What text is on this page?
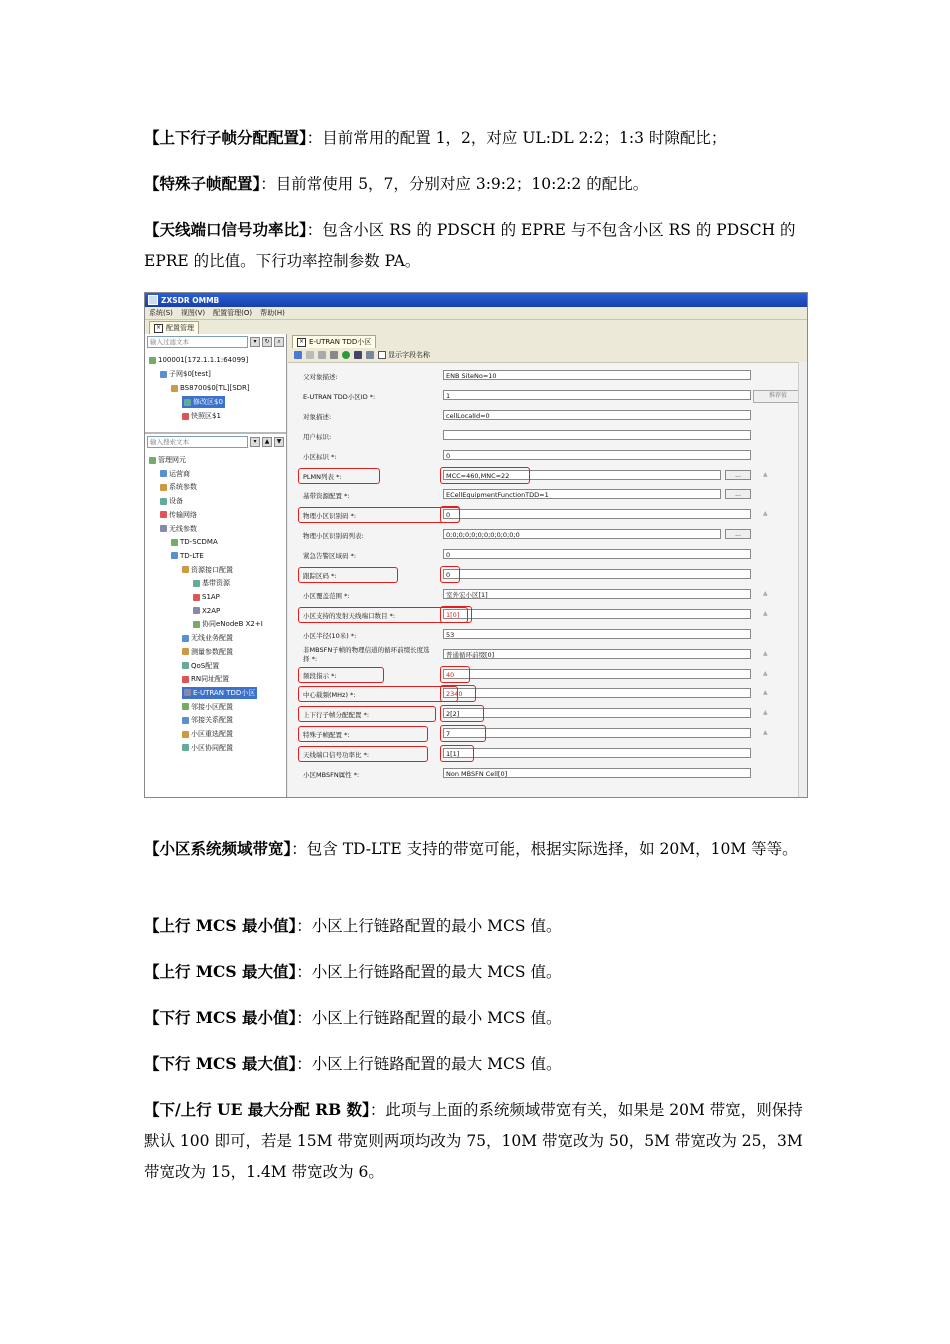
【上下行子帧分配配置】：目前常用的配置 1，2，对应 UL:DL 2:2；1:3 时隙配比；
【特殊子帧配置】：目前常使用 5，7，分别对应 3:9:2；10:2:2 的配比。
【天线端口信号功率比】：包含小区 RS 的 PDSCH 的 EPRE 与不包含小区 RS 的 PDSCH 的 EPRE 的比值。下行功率控制参数 PA。
ZXSDR OMMB
系统(S) 视图(V) 配置管理(O) 帮助(H)
× 配置管理
输入过滤文本	▾	↻	⌕
100001[172.1.1.1:64099]
子网$0[test]
BS8700$0[TL][SDR]
修改区$0
快照区$1
输入搜索文本	▾	▲	▼
管理网元
运营商
系统参数
设备
传输网络
无线参数
TD-SCDMA
TD-LTE
资源接口配置
基带资源
S1AP
X2AP
协同eNodeB X2+I
无线业务配置
测量参数配置
QoS配置
RN同址配置
E-UTRAN TDD小区
邻接小区配置
邻接关系配置
小区重选配置
小区协同配置
× E-UTRAN TDD小区
显示字段名称
父对象描述:	ENB SiteNo=10
E-UTRAN TDD小区ID *:	1	推荐值
对象描述:	cellLocalId=0
用户标识:
小区标识 *:	0
PLMN列表 *:	MCC=460,MNC=22	...	▲
基带资源配置 *:	ECellEquipmentFunctionTDD=1	...
物理小区识别码 *:	0	▲
物理小区识别码列表:	0;0;0;0;0;0;0;0;0;0;0;0	...
紧急告警区域码 *:	0
跟踪区码 *:	0
小区覆盖范围 *:	室外宏小区[1]	▲
小区支持的发射天线端口数目 *:	1[0]	▲
小区半径(10米) *:	53
非MBSFN子帧的物理信道的循环前缀长度选择 *:	普通循环前缀[0]	▲
频段指示 *:	40	▲
中心载频(MHz) *:	2340	▲
上下行子帧分配配置 *:	2[2]	▲
特殊子帧配置 *:	7	▲
天线端口信号功率比 *:	1[1]
小区MBSFN属性 *:	Non MBSFN Cell[0]
【小区系统频域带宽】：包含 TD-LTE 支持的带宽可能，根据实际选择，如 20M，10M 等等。
【上行 MCS 最小值】：小区上行链路配置的最小 MCS 值。
【上行 MCS 最大值】：小区上行链路配置的最大 MCS 值。
【下行 MCS 最小值】：小区上行链路配置的最小 MCS 值。
【下行 MCS 最大值】：小区上行链路配置的最大 MCS 值。
【下/上行 UE 最大分配 RB 数】：此项与上面的系统频域带宽有关，如果是 20M 带宽，则保持默认 100 即可，若是 15M 带宽则两项均改为 75，10M 带宽改为 50，5M 带宽改为 25，3M 带宽改为 15，1.4M 带宽改为 6。
